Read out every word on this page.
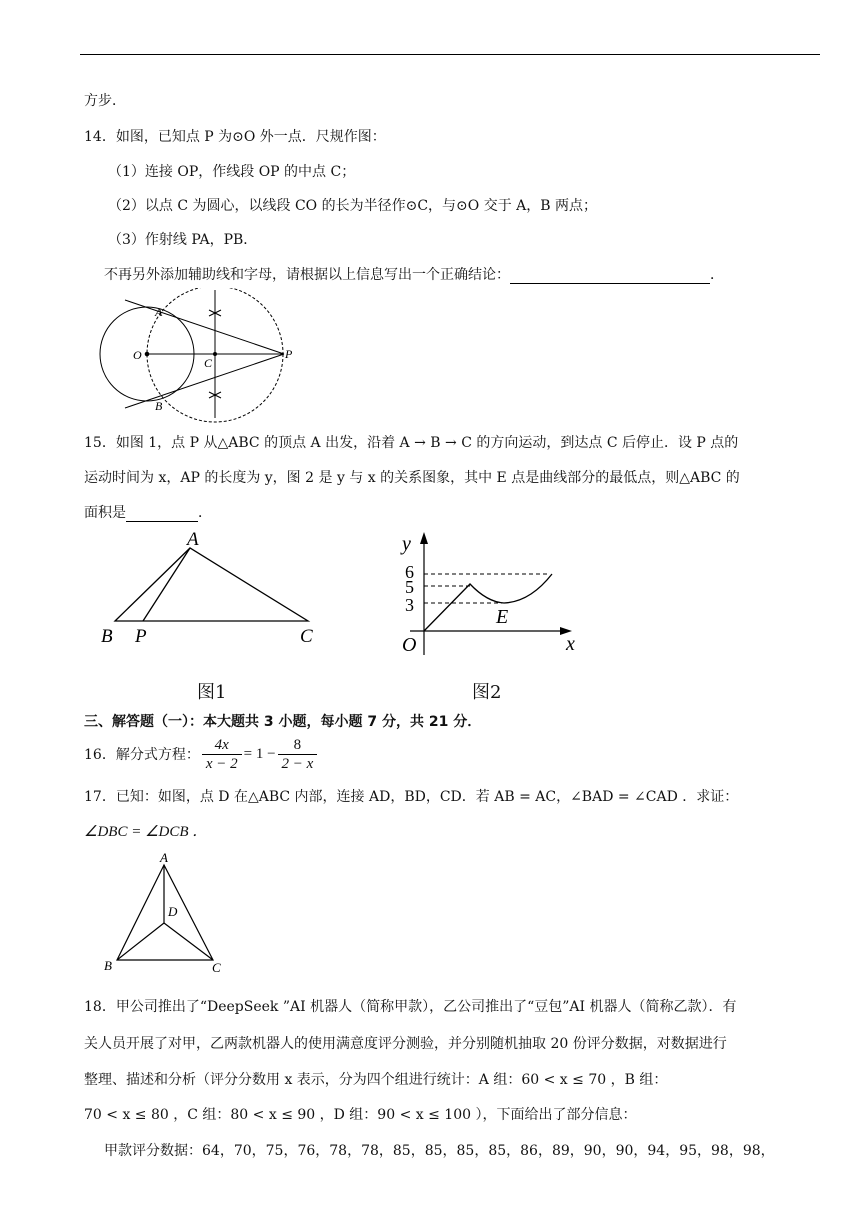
方步．
14．如图，已知点 P 为⊙O 外一点．尺规作图：
（1）连接 OP，作线段 OP 的中点 C；
（2）以点 C 为圆心，以线段 CO 的长为半径作⊙C，与⊙O 交于 A，B 两点；
（3）作射线 PA，PB．
不再另外添加辅助线和字母，请根据以上信息写出一个正确结论：	．
A
B
O
C
P
15．如图 1，点 P 从△ABC 的顶点 A 出发，沿着 A → B → C 的方向运动，到达点 C 后停止．设 P 点的
运动时间为 x，AP 的长度为 y，图 2 是 y 与 x 的关系图象，其中 E 点是曲线部分的最低点，则△ABC 的
面积是	．
A
B P	C
y
x
O
E
6
5
3
图1	图2
三、解答题（一）：本大题共 3 小题，每小题 7 分，共 21 分．
16． 解分式方程： $\frac{4x}{x - 2} = 1 - \frac{8}{2 - x}$
17．已知：如图，点 D 在△ABC 内部，连接 AD，BD，CD．若 AB = AC，∠BAD = ∠CAD ．求证：
∠DBC = ∠DCB ．
A
D
B	C
18．甲公司推出了“DeepSeek ”AI 机器人（简称甲款），乙公司推出了“豆包”AI 机器人（简称乙款）．有
关人员开展了对甲，乙两款机器人的使用满意度评分测验，并分别随机抽取 20 份评分数据，对数据进行
整理、描述和分析（评分分数用 x 表示，分为四个组进行统计：A 组：60 < x ≤ 70 ，B 组：
70 < x ≤ 80 ，C 组：80 < x ≤ 90 ，D 组：90 < x ≤ 100 ），下面给出了部分信息：
甲款评分数据：64，70，75，76，78，78，85，85，85，85，86，89，90，90，94，95，98，98，
